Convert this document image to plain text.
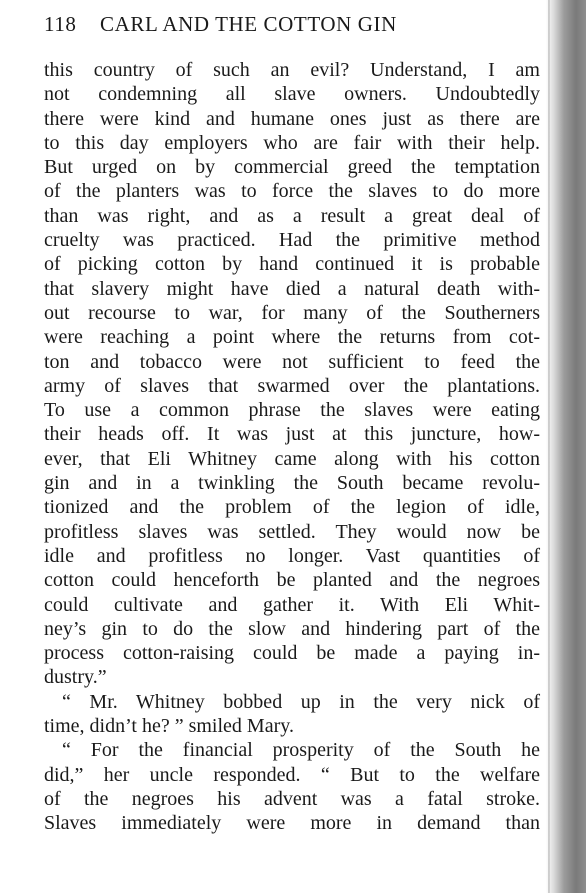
118 CARL AND THE COTTON GIN
this country of such an evil? Understand, I am
not condemning all slave owners. Undoubtedly
there were kind and humane ones just as there are
to this day employers who are fair with their help.
But urged on by commercial greed the temptation
of the planters was to force the slaves to do more
than was right, and as a result a great deal of
cruelty was practiced. Had the primitive method
of picking cotton by hand continued it is probable
that slavery might have died a natural death with-
out recourse to war, for many of the Southerners
were reaching a point where the returns from cot-
ton and tobacco were not sufficient to feed the
army of slaves that swarmed over the plantations.
To use a common phrase the slaves were eating
their heads off. It was just at this juncture, how-
ever, that Eli Whitney came along with his cotton
gin and in a twinkling the South became revolu-
tionized and the problem of the legion of idle,
profitless slaves was settled. They would now be
idle and profitless no longer. Vast quantities of
cotton could henceforth be planted and the negroes
could cultivate and gather it. With Eli Whit-
ney’s gin to do the slow and hindering part of the
process cotton-raising could be made a paying in-
dustry.”
“ Mr. Whitney bobbed up in the very nick of
time, didn’t he? ” smiled Mary.
“ For the financial prosperity of the South he
did,” her uncle responded. “ But to the welfare
of the negroes his advent was a fatal stroke.
Slaves immediately were more in demand than
